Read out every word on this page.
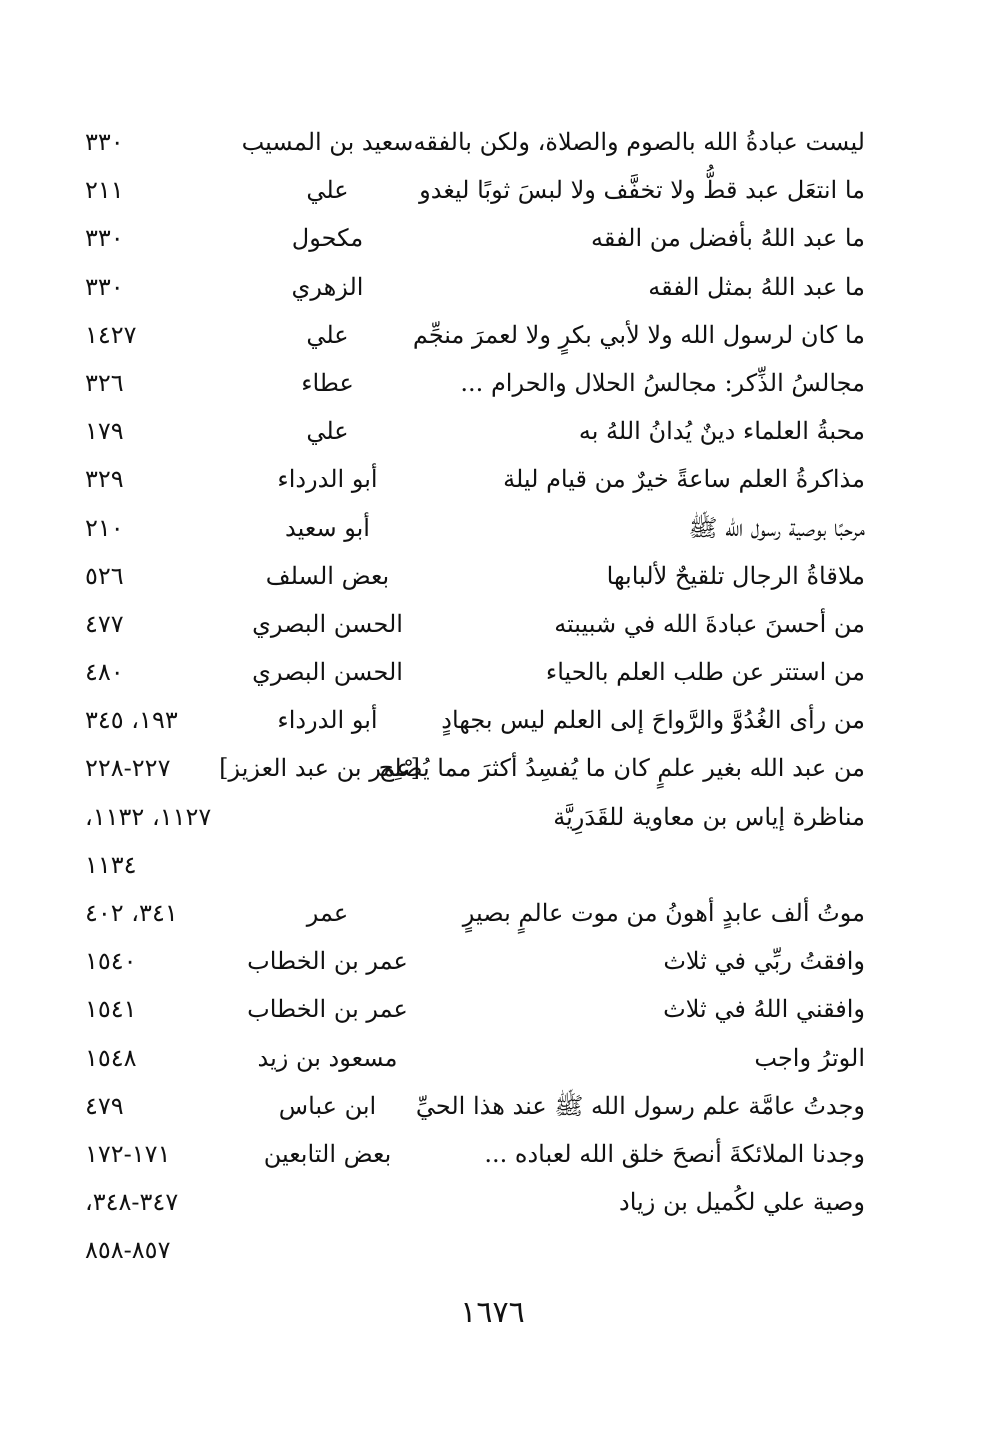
ليست عبادةُ الله بالصوم والصلاة، ولكن بالفقه
سعيد بن المسيب
٣٣٠
ما انتعَل عبد قطُّ ولا تخفَّف ولا لبسَ ثوبًا ليغدو
علي
٢١١
ما عبد اللهُ بأفضل من الفقه
مكحول
٣٣٠
ما عبد اللهُ بمثل الفقه
الزهري
٣٣٠
ما كان لرسول الله ولا لأبي بكرٍ ولا لعمرَ منجِّم
علي
١٤٢٧
مجالسُ الذِّكر: مجالسُ الحلال والحرام ...
عطاء
٣٢٦
محبةُ العلماء دينٌ يُدانُ اللهُ به
علي
١٧٩
مذاكرةُ العلم ساعةً خيرٌ من قيام ليلة
أبو الدرداء
٣٢٩
مرحبًا بوصية رسول الله ﷺ
أبو سعيد
٢١٠
ملاقاةُ الرجال تلقيحٌ لألبابها
بعض السلف
٥٢٦
من أحسنَ عبادةَ الله في شبيبته
الحسن البصري
٤٧٧
من استتر عن طلب العلم بالحياء
الحسن البصري
٤٨٠
من رأى الغُدُوَّ والرَّواحَ إلى العلم ليس بجهادٍ
أبو الدرداء
١٩٣، ٣٤٥
من عبد الله بغير علمٍ كان ما يُفسِدُ أكثرَ مما يُصْلِح
[عمر بن عبد العزيز]
٢٢٧-٢٢٨
مناظرة إياس بن معاوية للقَدَرِيَّة
١١٢٧، ١١٣٢،
١١٣٤
موتُ ألف عابدٍ أهونُ من موت عالمٍ بصيرٍ
عمر
٣٤١، ٤٠٢
وافقتُ ربِّي في ثلاث
عمر بن الخطاب
١٥٤٠
وافقني اللهُ في ثلاث
عمر بن الخطاب
١٥٤١
الوترُ واجب
مسعود بن زيد
١٥٤٨
وجدتُ عامَّة علم رسول الله ﷺ عند هذا الحيِّ
ابن عباس
٤٧٩
وجدنا الملائكةَ أنصحَ خلق الله لعباده ...
بعض التابعين
١٧١-١٧٢
وصية علي لكُميل بن زياد
٣٤٧-٣٤٨،
٨٥٧-٨٥٨
١٦٧٦
